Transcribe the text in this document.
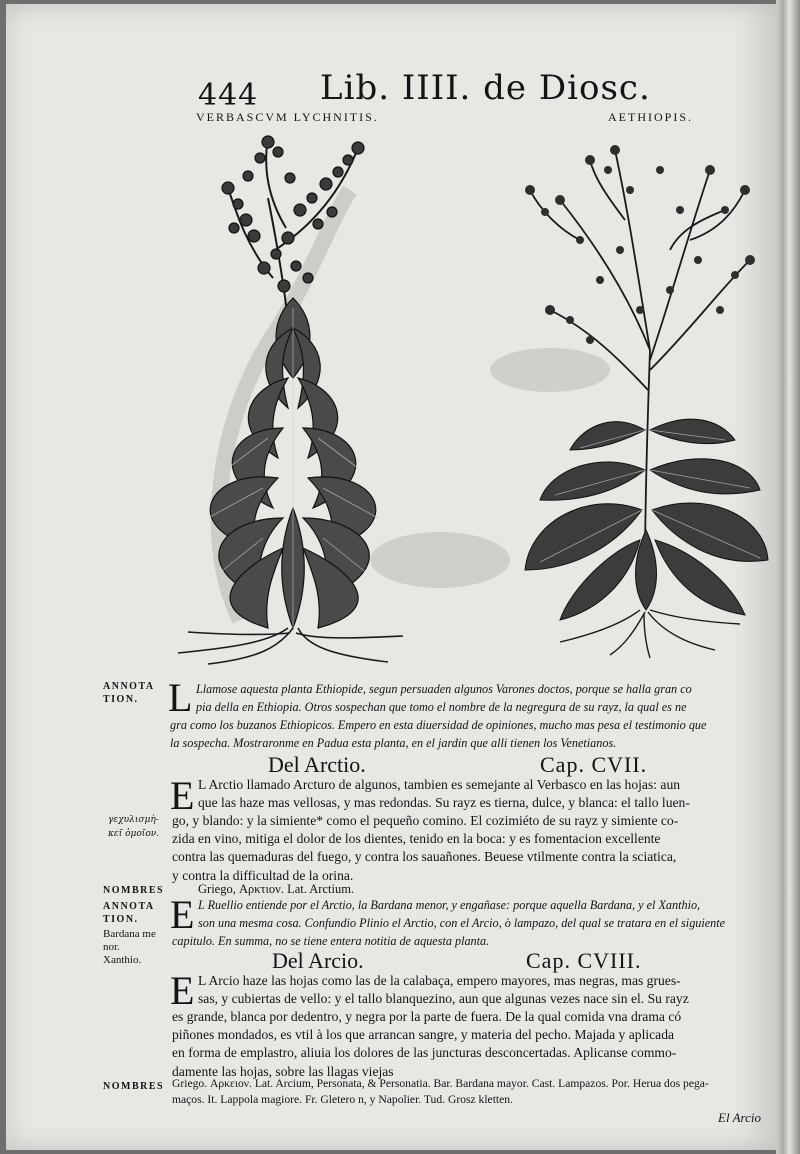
444 Lib. IIII. de Diosc.
VERBASCVM LYCHNITIS.	AETHIOPIS.
ANNOTA
TION. L Llamose aquesta planta Ethiopide, segun persuaden algunos Varones doctos, porque se halla gran co
pia della en Ethiopia. Otros sospechan que tomo el nombre de la negregura de su rayz, la qual es ne
gra como los buzanos Ethiopicos. Empero en esta diuersidad de opiniones, mucho mas pesa el testimonio que
la sospecha. Mostraronme en Padua esta planta, en el jardin que alli tienen los Venetianos.
Del Arctio.	Cap. CVII.
E
γεχυλισμὴ-
κεῖ ὁμοῖον.
L Arctio llamado Arcturo de algunos, tambien es semejante al Verbasco en las hojas: aun
que las haze mas vellosas, y mas redondas. Su rayz es tierna, dulce, y blanca: el tallo luen-
go, y blando: y la simiente* como el pequeño comino. El cozimiéto de su rayz y simiente co-
zida en vino, mitiga el dolor de los dientes, tenido en la boca: y es fomentacion excellente
contra las quemaduras del fuego, y contra los sauañones. Beuese vtilmente contra la sciatica,
y contra la difficultad de la orina.
NOMBRES	Griego, Αρκτιον. Lat. Arctium.
ANNOTA
TION.
Bardana me
nor.
Xanthio.
E L Ruellio entiende por el Arctio, la Bardana menor, y engañase: porque aquella Bardana, y el Xanthio,
son una mesma cosa. Confundio Plinio el Arctio, con el Arcio, ò lampazo, del qual se tratara en el siguiente
capitulo. En summa, no se tiene entera notitia de aquesta planta.
Del Arcio.	Cap. CVIII.
E L Arcio haze las hojas como las de la calabaça, empero mayores, mas negras, mas grues-
sas, y cubiertas de vello: y el tallo blanquezino, aun que algunas vezes nace sin el. Su rayz
es grande, blanca por dedentro, y negra por la parte de fuera. De la qual comida vna drama có
piñones mondados, es vtil à los que arrancan sangre, y materia del pecho. Majada y aplicada
en forma de emplastro, aliuia los dolores de las juncturas desconcertadas. Aplicanse commo-
damente las hojas, sobre las llagas viejas
NOMBRES Griego. Αρκειον. Lat. Arcium, Personata, & Personatia. Bar. Bardana mayor. Cast. Lampazos. Por. Herua dos pega-
maços. It. Lappola magiore. Fr. Gletero n, y Napolier. Tud. Grosz kletten.
El Arcio
